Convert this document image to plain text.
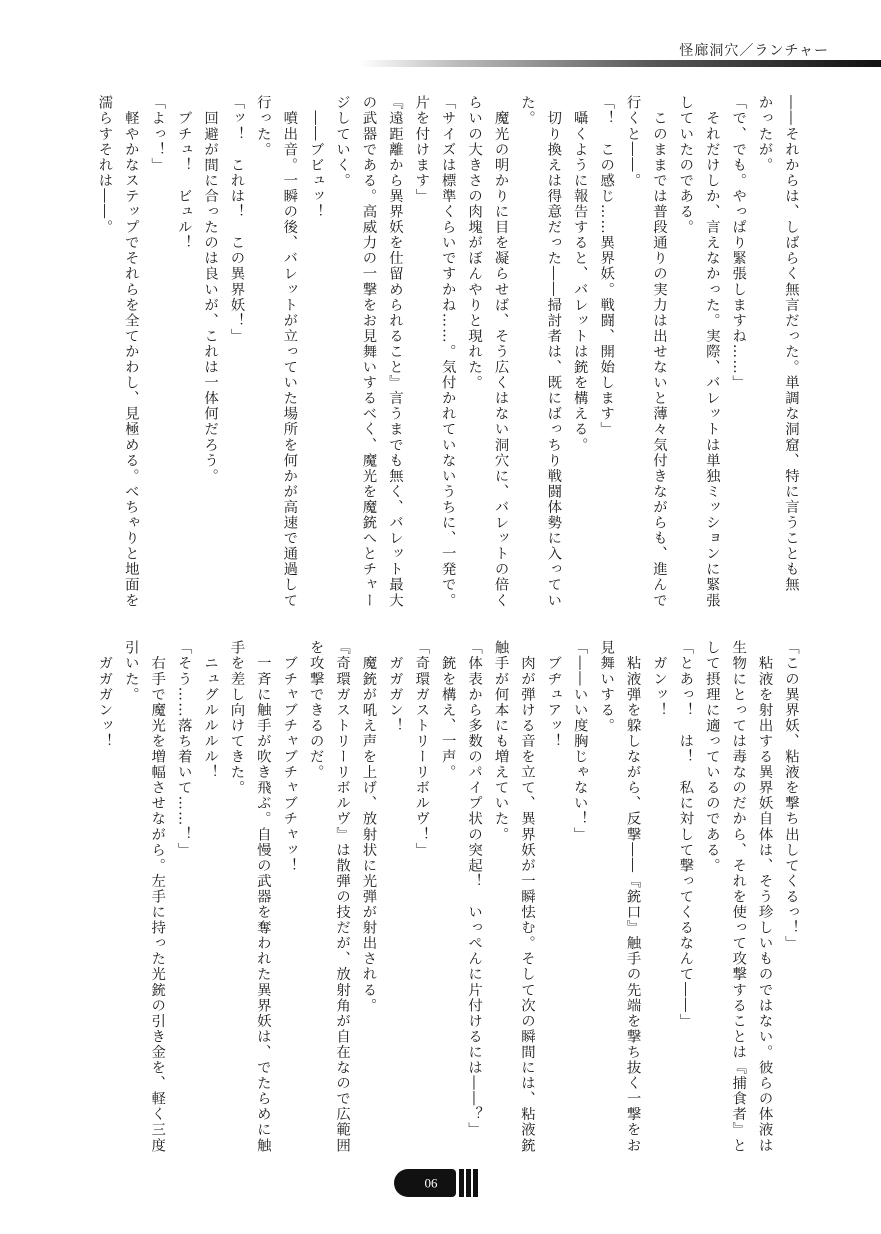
怪廊洞穴／ランチャー
――それからは、しばらく無言だった。単調な洞窟、特に言うことも無
かったが。
「で、でも。やっぱり緊張しますね……」
　それだけしか、言えなかった。実際、バレットは単独ミッションに緊張
していたのである。
　このままでは普段通りの実力は出せないと薄々気付きながらも、進んで
行くと――。
「！　この感じ……異界妖。戦闘、開始します」
　囁くように報告すると、バレットは銃を構える。
　切り換えは得意だった――掃討者は、既にばっちり戦闘体勢に入ってい
た。
　魔光の明かりに目を凝らせば、そう広くはない洞穴に、バレットの倍く
らいの大きさの肉塊がぼんやりと現れた。
「サイズは標準くらいですかね……。気付かれていないうちに、一発で。
片を付けます」
『遠距離から異界妖を仕留められること』言うまでも無く、バレット最大
の武器である。高威力の一撃をお見舞いするべく、魔光を魔銃へとチャー
ジしていく。
　――ブビュッ！
　噴出音。一瞬の後、バレットが立っていた場所を何かが高速で通過して
行った。
「ッ！　これは！　この異界妖！」
　回避が間に合ったのは良いが、これは一体何だろう。
　ブチュ！　ビュル！
「よっ！」
　軽やかなステップでそれらを全てかわし、見極める。べちゃりと地面を
濡らすそれは――。
「この異界妖、粘液を撃ち出してくるっ！」
　粘液を射出する異界妖自体は、そう珍しいものではない。彼らの体液は
生物にとっては毒なのだから、それを使って攻撃することは『捕食者』と
して摂理に適っているのである。
「とあっ！　は！　私に対して撃ってくるなんて――」
　ガンッ！
　粘液弾を躱しながら、反撃――『銃口』触手の先端を撃ち抜く一撃をお
見舞いする。
「――いい度胸じゃない！」
　ブヂュアッ！
　肉が弾ける音を立て、異界妖が一瞬怯む。そして次の瞬間には、粘液銃
触手が何本にも増えていた。
「体表から多数のパイプ状の突起！　いっぺんに片付けるには――？」
　銃を構え、一声。
「奇環ガストリーリボルヴ！」
　ガガガン！
　魔銃が吼え声を上げ、放射状に光弾が射出される。
『奇環ガストリーリボルヴ』は散弾の技だが、放射角が自在なので広範囲
を攻撃できるのだ。
　ブチャブチャブチャブチャッ！
　一斉に触手が吹き飛ぶ。自慢の武器を奪われた異界妖は、でたらめに触
手を差し向けてきた。
　ニュグルルルル！
「そう……落ち着いて……！」
　右手で魔光を増幅させながら。左手に持った光銃の引き金を、軽く三度
引いた。
　ガガガンッ！
90
